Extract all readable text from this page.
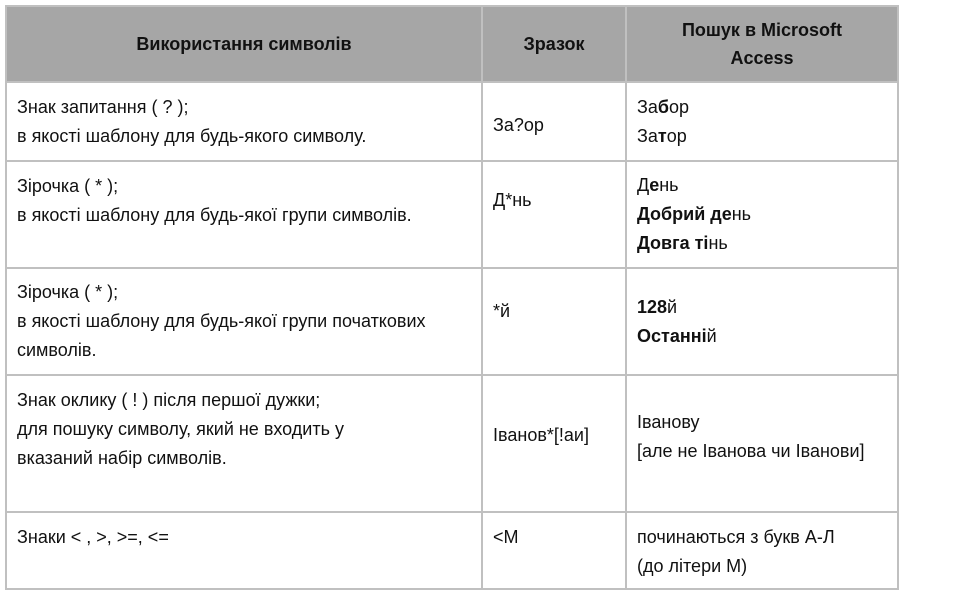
Використання символів	Зразок	Пошук в Microsoft
Access

Знак запитання ( ? );
в якості шаблону для будь-якого символу.	За?ор	Забор
Затор

Зірочка ( * );
в якості шаблону для будь-якої групи символів.	Д*нь	День
Добрий день
Довга тінь

Зірочка ( * );
в якості шаблону для будь-якої групи початкових
символів.	*й	128й
Останній

Знак оклику ( ! ) після першої дужки;
для пошуку символу, який не входить у
вказаний набір символів.	Іванов*[!аи]	Іванову
[але не Іванова чи Іванови]

Знаки < , >, >=, <=	<М	починаються з букв А-Л
(до літери М)
